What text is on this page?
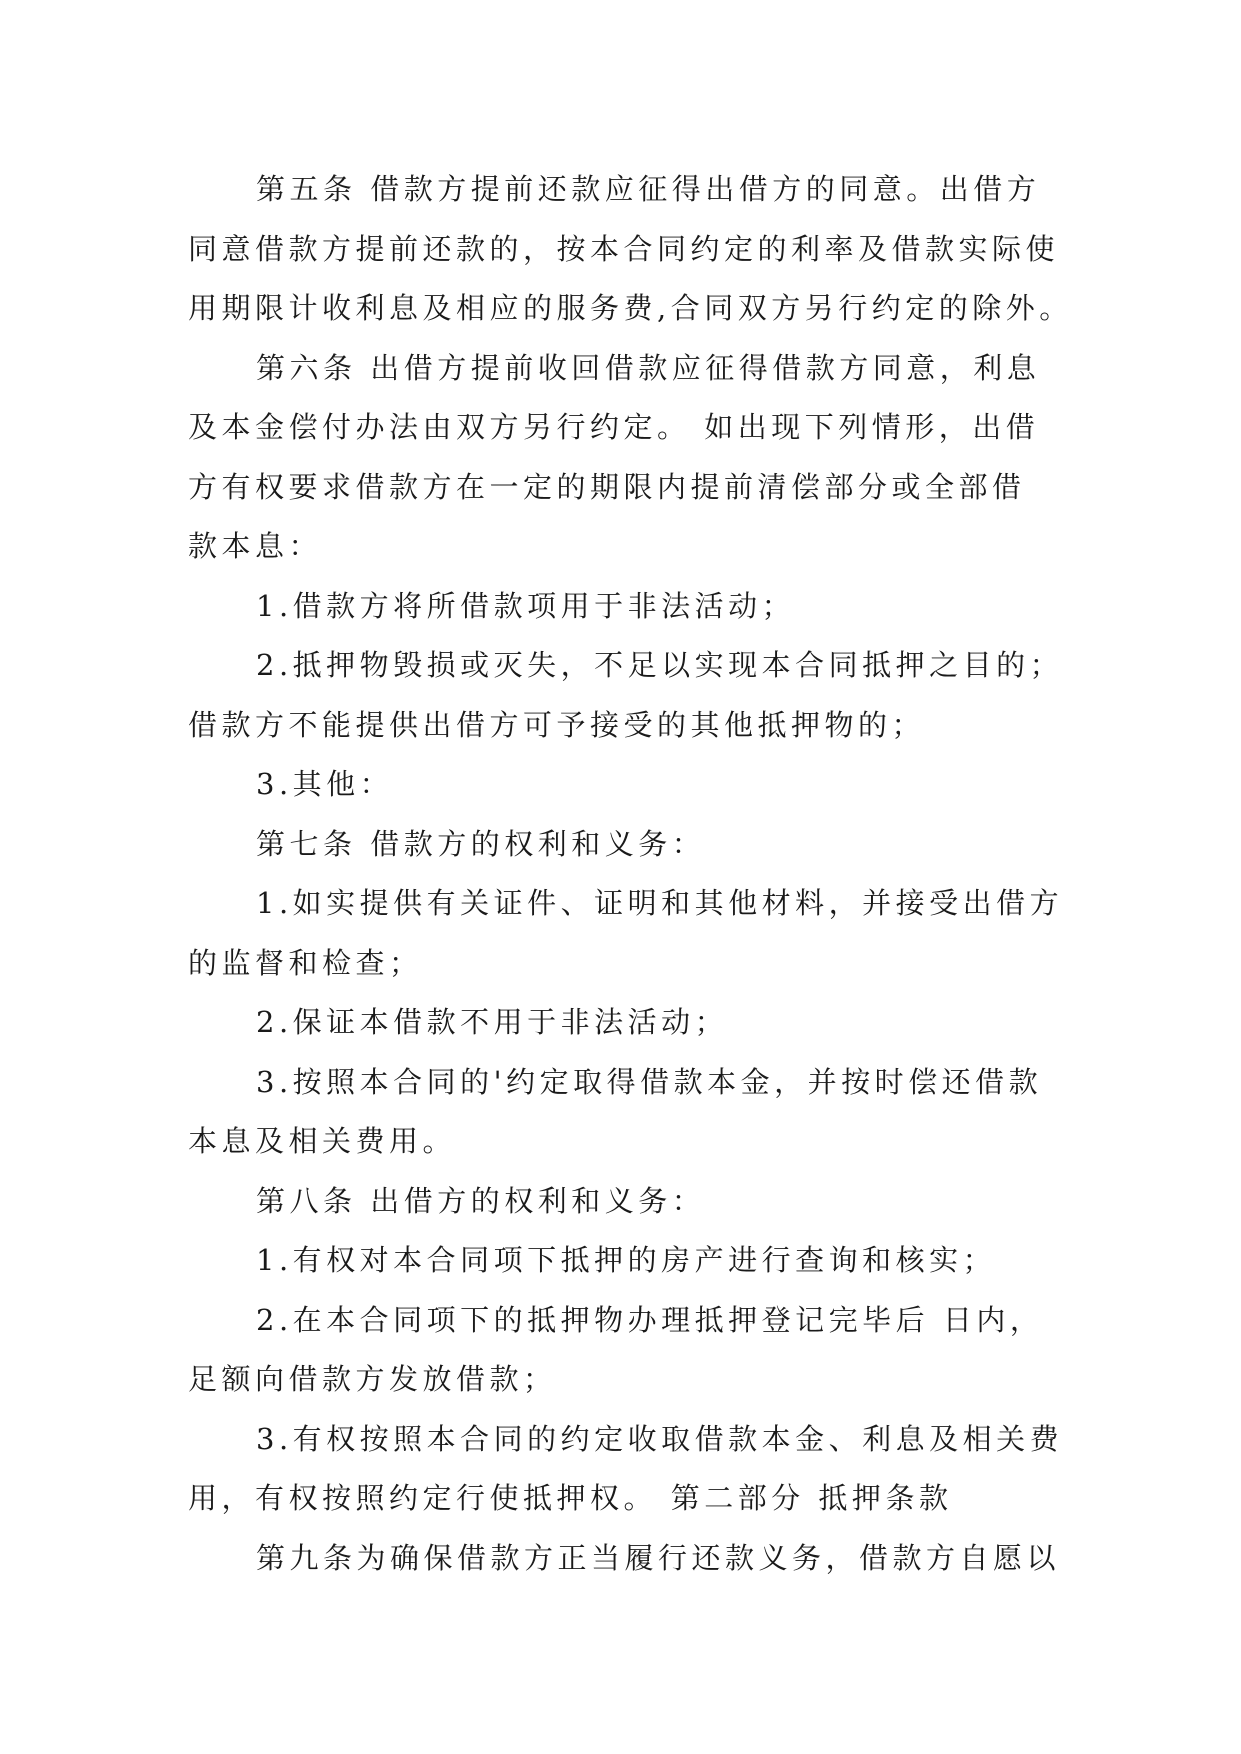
第五条 借款方提前还款应征得出借方的同意。出借方
同意借款方提前还款的，按本合同约定的利率及借款实际使
用期限计收利息及相应的服务费,合同双方另行约定的除外。
第六条 出借方提前收回借款应征得借款方同意，利息
及本金偿付办法由双方另行约定。 如出现下列情形，出借
方有权要求借款方在一定的期限内提前清偿部分或全部借
款本息：
1.借款方将所借款项用于非法活动；
2.抵押物毁损或灭失，不足以实现本合同抵押之目的；
借款方不能提供出借方可予接受的其他抵押物的；
3.其他：
第七条 借款方的权利和义务：
1.如实提供有关证件、证明和其他材料，并接受出借方
的监督和检查；
2.保证本借款不用于非法活动；
3.按照本合同的'约定取得借款本金，并按时偿还借款
本息及相关费用。
第八条 出借方的权利和义务：
1.有权对本合同项下抵押的房产进行查询和核实；
2.在本合同项下的抵押物办理抵押登记完毕后 日内，
足额向借款方发放借款；
3.有权按照本合同的约定收取借款本金、利息及相关费
用，有权按照约定行使抵押权。 第二部分 抵押条款
第九条为确保借款方正当履行还款义务，借款方自愿以
